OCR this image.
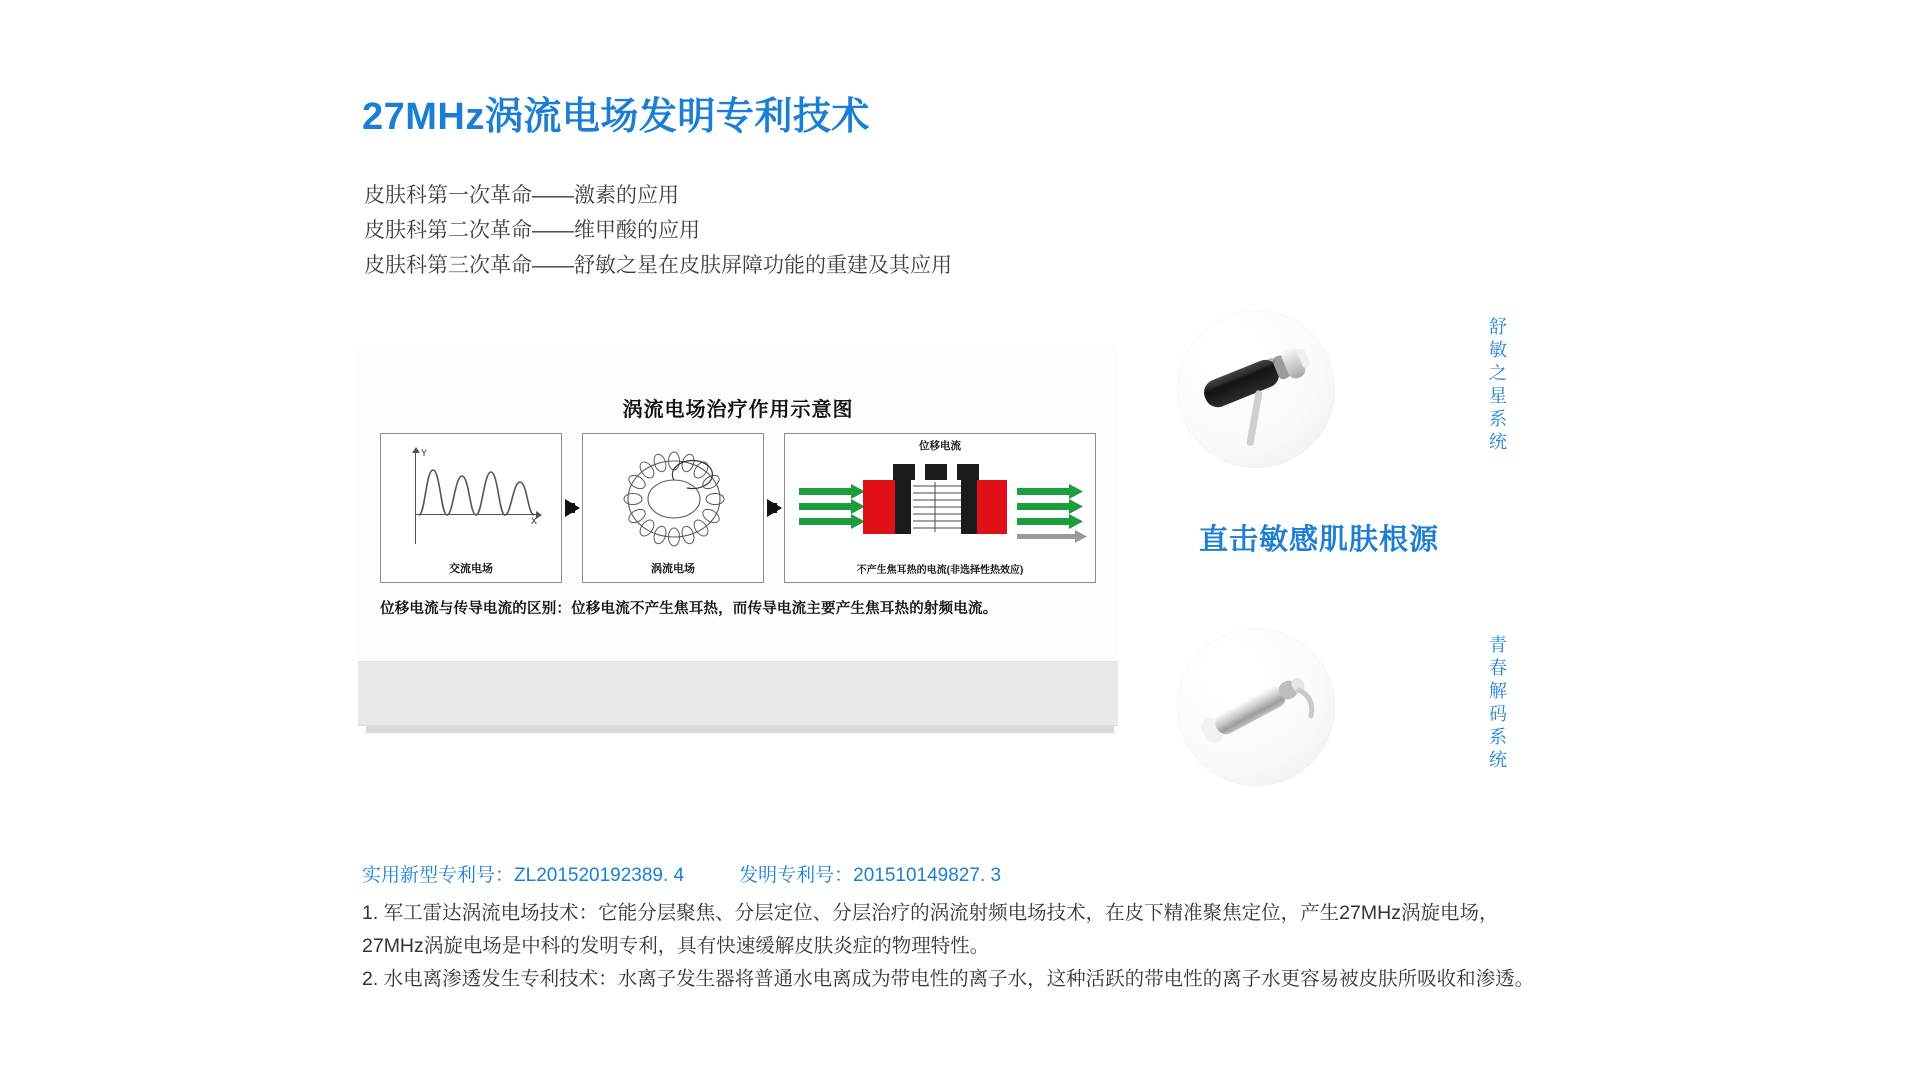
27MHz涡流电场发明专利技术
皮肤科第一次革命——激素的应用
皮肤科第二次革命——维甲酸的应用
皮肤科第三次革命——舒敏之星在皮肤屏障功能的重建及其应用
涡流电场治疗作用示意图
Y
X
交流电场	涡流电场
位移电流
不产生焦耳热的电流(非选择性热效应)
位移电流与传导电流的区别：位移电流不产生焦耳热，而传导电流主要产生焦耳热的射频电流。
舒敏之星系统
直击敏感肌肤根源
青春解码系统
实用新型专利号：ZL201520192389. 4	发明专利号：201510149827. 3
1. 军工雷达涡流电场技术：它能分层聚焦、分层定位、分层治疗的涡流射频电场技术，在皮下精准聚焦定位，产生27MHz涡旋电场，27MHz涡旋电场是中科的发明专利，具有快速缓解皮肤炎症的物理特性。
2. 水电离渗透发生专利技术：水离子发生器将普通水电离成为带电性的离子水，这种活跃的带电性的离子水更容易被皮肤所吸收和渗透。
